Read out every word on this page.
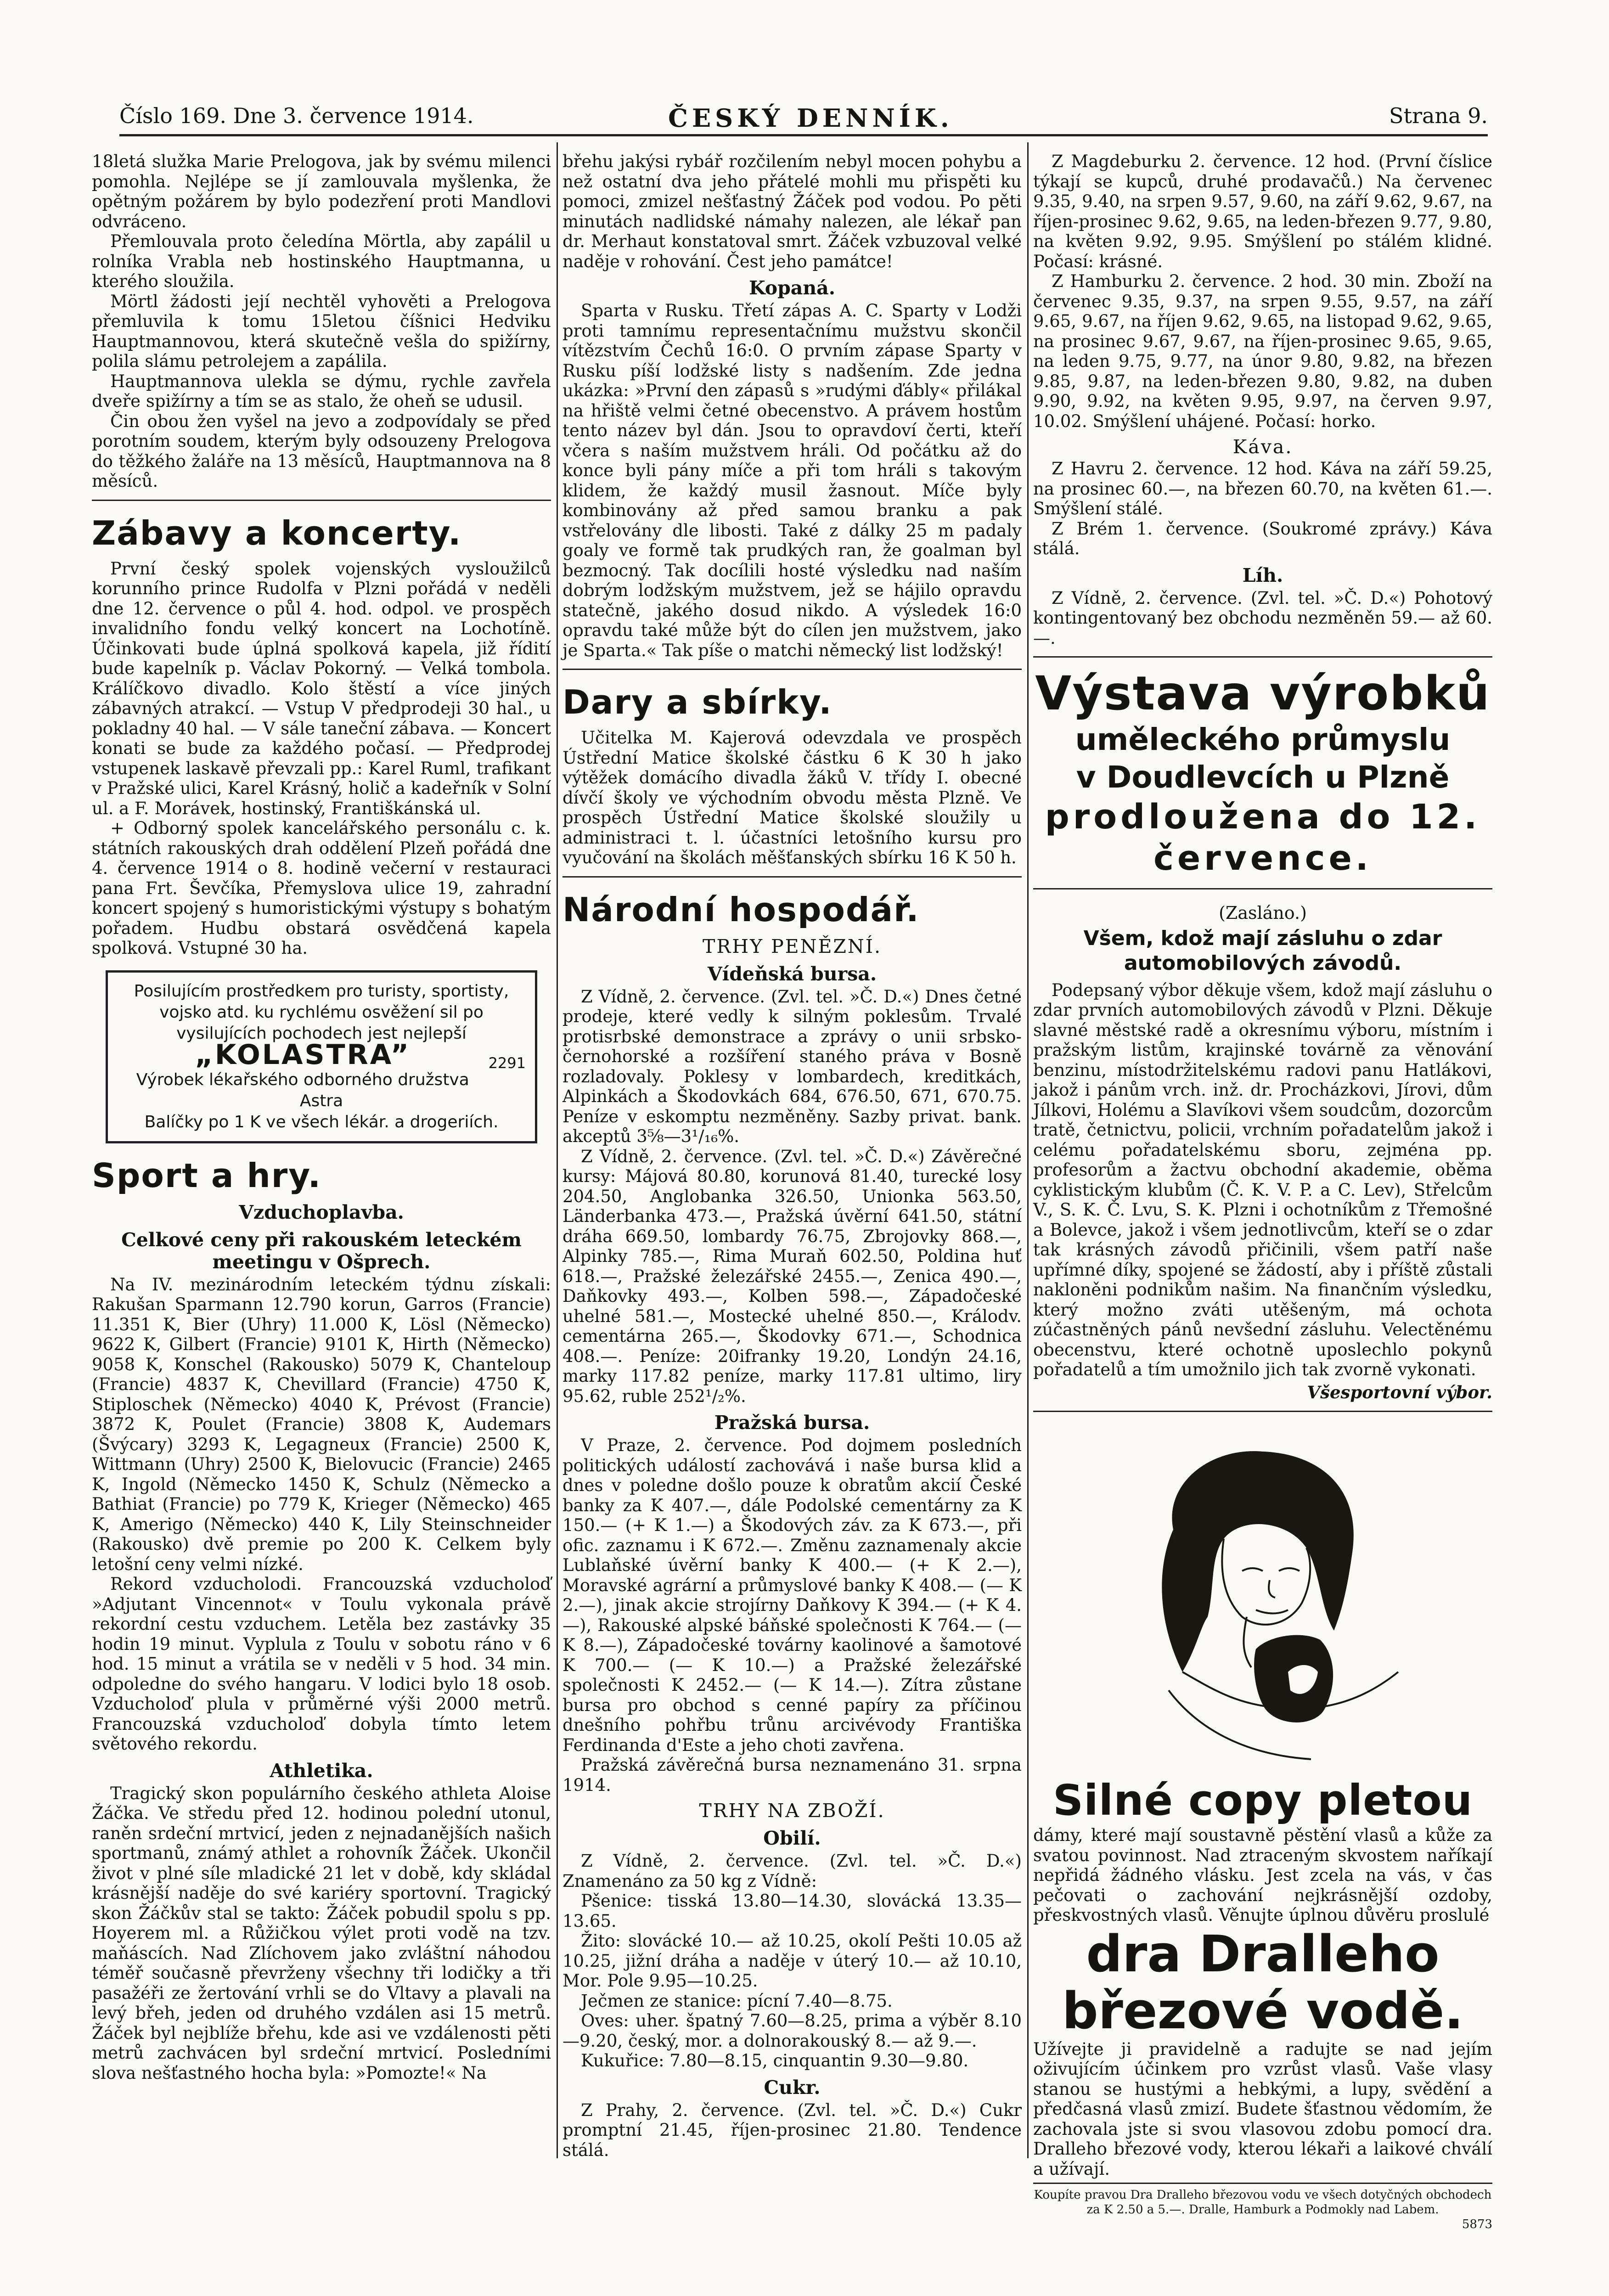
Číslo 169. Dne 3. července 1914.	ČESKÝ DENNÍK.	Strana 9.

18letá služka Marie Prelogova, jak by svému milenci pomohla. Nejlépe se jí zamlouvala myšlenka, že opětným požárem by bylo podezření proti Mandlovi odvráceno.

Přemlouvala proto čeledína Mörtla, aby zapálil u rolníka Vrabla neb hostinského Hauptmanna, u kterého sloužila.

Mörtl žádosti její nechtěl vyhověti a Prelogova přemluvila k tomu 15letou číšnici Hedviku Hauptmannovou, která skutečně vešla do spižírny, polila slámu petrolejem a zapálila.

Hauptmannova ulekla se dýmu, rychle zavřela dveře spižírny a tím se as stalo, že oheň se udusil.

Čin obou žen vyšel na jevo a zodpovídaly se před porotním soudem, kterým byly odsouzeny Prelogova do těžkého žaláře na 13 měsíců, Hauptmannova na 8 měsíců.

Zábavy a koncerty.

První český spolek vojenských vysloužilců korunního prince Rudolfa v Plzni pořádá v neděli dne 12. července o půl 4. hod. odpol. ve prospěch invalidního fondu velký koncert na Lochotíně. Účinkovati bude úplná spolková kapela, již řídití bude kapelník p. Václav Pokorný. — Velká tombola. Králíčkovo divadlo. Kolo štěstí a více jiných zábavných atrakcí. — Vstup V předprodeji 30 hal., u pokladny 40 hal. — V sále taneční zábava. — Koncert konati se bude za každého počasí. — Předprodej vstupenek laskavě převzali pp.: Karel Ruml, trafikant v Pražské ulici, Karel Krásný, holič a kadeřník v Solní ul. a F. Morávek, hostinský, Františkánská ul.

+ Odborný spolek kancelářského personálu c. k. státních rakouských drah oddělení Plzeň pořádá dne 4. července 1914 o 8. hodině večerní v restauraci pana Frt. Ševčíka, Přemyslova ulice 19, zahradní koncert spojený s humoristickými výstupy s bohatým pořadem. Hudbu obstará osvědčená kapela spolková. Vstupné 30 ha.

Posilujícím prostředkem pro turisty, sportisty, vojsko atd. ku rychlému osvěžení sil po vysilujících pochodech jest nejlepší
„KOLASTRA”	2291
Výrobek lékařského odborného družstva Astra
Balíčky po 1 K ve všech lékár. a drogeriích.
Sport a hry.
Vzduchoplavba.
Celkové ceny při rakouském leteckém meetingu v Ošprech.

Na IV. mezinárodním leteckém týdnu získali: Rakušan Sparmann 12.790 korun, Garros (Francie) 11.351 K, Bier (Uhry) 11.000 K, Lösl (Německo) 9622 K, Gilbert (Francie) 9101 K, Hirth (Německo) 9058 K, Konschel (Rakousko) 5079 K, Chanteloup (Francie) 4837 K, Chevillard (Francie) 4750 K, Stiploschek (Německo) 4040 K, Prévost (Francie) 3872 K, Poulet (Francie) 3808 K, Audemars (Švýcary) 3293 K, Legagneux (Francie) 2500 K, Wittmann (Uhry) 2500 K, Bielovucic (Francie) 2465 K, Ingold (Německo 1450 K, Schulz (Německo a Bathiat (Francie) po 779 K, Krieger (Německo) 465 K, Amerigo (Německo) 440 K, Lily Steinschneider (Rakousko) dvě premie po 200 K. Celkem byly letošní ceny velmi nízké.

Rekord vzducholodi. Francouzská vzducholoď »Adjutant Vincennot« v Toulu vykonala právě rekordní cestu vzduchem. Letěla bez zastávky 35 hodin 19 minut. Vyplula z Toulu v sobotu ráno v 6 hod. 15 minut a vrátila se v neděli v 5 hod. 34 min. odpoledne do svého hangaru. V lodici bylo 18 osob. Vzducholoď plula v průměrné výši 2000 metrů. Francouzská vzducholoď dobyla tímto letem světového rekordu.

Athletika.

Tragický skon populárního českého athleta Aloise Žáčka. Ve středu před 12. hodinou polední utonul, raněn srdeční mrtvicí, jeden z nejnadanějších našich sportmanů, známý athlet a rohovník Žáček. Ukončil život v plné síle mladické 21 let v době, kdy skládal krásnější naděje do své kariéry sportovní. Tragický skon Žáčkův stal se takto: Žáček pobudil spolu s pp. Hoyerem ml. a Růžičkou výlet proti vodě na tzv. maňáscích. Nad Zlíchovem jako zvláštní náhodou téměř současně převrženy všechny tři lodičky a tři pasažéři ze žertování vrhli se do Vltavy a plavali na levý břeh, jeden od druhého vzdálen asi 15 metrů. Žáček byl nejblíže břehu, kde asi ve vzdálenosti pěti metrů zachvácen byl srdeční mrtvicí. Posledními slova nešťastného hocha byla: »Pomozte!« Na

břehu jakýsi rybář rozčilením nebyl mocen pohybu a než ostatní dva jeho přátelé mohli mu přispěti ku pomoci, zmizel nešťastný Žáček pod vodou. Po pěti minutách nadlidské námahy nalezen, ale lékař pan dr. Merhaut konstatoval smrt. Žáček vzbuzoval velké naděje v rohování. Čest jeho památce!

Kopaná.

Sparta v Rusku. Třetí zápas A. C. Sparty v Lodži proti tamnímu representačnímu mužstvu skončil vítězstvím Čechů 16:0. O prvním zápase Sparty v Rusku píší lodžské listy s nadšením. Zde jedna ukázka: »První den zápasů s »rudými ďábly« přilákal na hřiště velmi četné obecenstvo. A právem hostům tento název byl dán. Jsou to opravdoví čerti, kteří včera s naším mužstvem hráli. Od počátku až do konce byli pány míče a při tom hráli s takovým klidem, že každý musil žasnout. Míče byly kombinovány až před samou branku a pak vstřelovány dle libosti. Také z dálky 25 m padaly goaly ve formě tak prudkých ran, že goalman byl bezmocný. Tak docílili hosté výsledku nad naším dobrým lodžským mužstvem, jež se hájilo opravdu statečně, jakého dosud nikdo. A výsledek 16:0 opravdu také může být do cílen jen mužstvem, jako je Sparta.« Tak píše o matchi německý list lodžský!

Dary a sbírky.

Učitelka M. Kajerová odevzdala ve prospěch Ústřední Matice školské částku 6 K 30 h jako výtěžek domácího divadla žáků V. třídy I. obecné dívčí školy ve východním obvodu města Plzně. Ve prospěch Ústřední Matice školské sloužily u administraci t. l. účastníci letošního kursu pro vyučování na školách měšťanských sbírku 16 K 50 h.

Národní hospodář.
TRHY PENĚZNÍ.
Vídeňská bursa.

Z Vídně, 2. července. (Zvl. tel. »Č. D.«) Dnes četné prodeje, které vedly k silným poklesům. Trvalé protisrbské demonstrace a zprávy o unii srbsko-černohorské a rozšíření staného práva v Bosně rozladovaly. Poklesy v lombardech, kreditkách, Alpinkách a Škodovkách 684, 676.50, 671, 670.75. Peníze v eskomptu nezměněny. Sazby privat. bank. akceptů 3⅝—3¹/₁₆%.

Z Vídně, 2. července. (Zvl. tel. »Č. D.«) Závěrečné kursy: Májová 80.80, korunová 81.40, turecké losy 204.50, Anglobanka 326.50, Unionka 563.50, Länderbanka 473.—, Pražská úvěrní 641.50, státní dráha 669.50, lombardy 76.75, Zbrojovky 868.—, Alpinky 785.—, Rima Muraň 602.50, Poldina huť 618.—, Pražské železářské 2455.—, Zenica 490.—, Daňkovky 493.—, Kolben 598.—, Západočeské uhelné 581.—, Mostecké uhelné 850.—, Králodv. cementárna 265.—, Škodovky 671.—, Schodnica 408.—. Peníze: 20ifranky 19.20, Londýn 24.16, marky 117.82 peníze, marky 117.81 ultimo, liry 95.62, ruble 252¹/₂%.

Pražská bursa.

V Praze, 2. července. Pod dojmem posledních politických událostí zachovává i naše bursa klid a dnes v poledne došlo pouze k obratům akcií České banky za K 407.—, dále Podolské cementárny za K 150.— (+ K 1.—) a Škodových záv. za K 673.—, při ofic. zaznamu i K 672.—. Změnu zaznamenaly akcie Lublaňské úvěrní banky K 400.— (+ K 2.—), Moravské agrární a průmyslové banky K 408.— (— K 2.—), jinak akcie strojírny Daňkovy K 394.— (+ K 4.—), Rakouské alpské báňské společnosti K 764.— (— K 8.—), Západočeské továrny kaolinové a šamotové K 700.— (— K 10.—) a Pražské železářské společnosti K 2452.— (— K 14.—). Zítra zůstane bursa pro obchod s cenné papíry za příčinou dnešního pohřbu trůnu arcivévody Františka Ferdinanda d'Este a jeho choti zavřena.

Pražská závěrečná bursa neznamenáno 31. srpna 1914.

TRHY NA ZBOŽÍ.
Obilí.

Z Vídně, 2. července. (Zvl. tel. »Č. D.«) Znamenáno za 50 kg z Vídně:

Pšenice: tisská 13.80—14.30, slovácká 13.35—13.65.

Žito: slovácké 10.— až 10.25, okolí Pešti 10.05 až 10.25, jižní dráha a naděje v úterý 10.— až 10.10, Mor. Pole 9.95—10.25.

Ječmen ze stanice: pícní 7.40—8.75.

Oves: uher. špatný 7.60—8.25, prima a výběr 8.10—9.20, český, mor. a dolnorakouský 8.— až 9.—.

Kukuřice: 7.80—8.15, cinquantin 9.30—9.80.

Cukr.

Z Prahy, 2. července. (Zvl. tel. »Č. D.«) Cukr promptní 21.45, říjen-prosinec 21.80. Tendence stálá.

Z Magdeburku 2. července. 12 hod. (První číslice týkají se kupců, druhé prodavačů.) Na červenec 9.35, 9.40, na srpen 9.57, 9.60, na září 9.62, 9.67, na říjen-prosinec 9.62, 9.65, na leden-březen 9.77, 9.80, na květen 9.92, 9.95. Smýšlení po stálém klidné. Počasí: krásné.

Z Hamburku 2. července. 2 hod. 30 min. Zboží na červenec 9.35, 9.37, na srpen 9.55, 9.57, na září 9.65, 9.67, na říjen 9.62, 9.65, na listopad 9.62, 9.65, na prosinec 9.67, 9.67, na říjen-prosinec 9.65, 9.65, na leden 9.75, 9.77, na únor 9.80, 9.82, na březen 9.85, 9.87, na leden-březen 9.80, 9.82, na duben 9.90, 9.92, na květen 9.95, 9.97, na červen 9.97, 10.02. Smýšlení uhájené. Počasí: horko.

Káva.

Z Havru 2. července. 12 hod. Káva na září 59.25, na prosinec 60.—, na březen 60.70, na květen 61.—. Smýšlení stálé.

Z Brém 1. července. (Soukromé zprávy.) Káva stálá.

Líh.

Z Vídně, 2. července. (Zvl. tel. »Č. D.«) Pohotový kontingentovaný bez obchodu nezměněn 59.— až 60.—.

Výstava výrobků
uměleckého průmyslu
v Doudlevcích u Plzně
prodloužena do 12.
července.
(Zasláno.)
Všem, kdož mají zásluhu o zdar automobilových závodů.

Podepsaný výbor děkuje všem, kdož mají zásluhu o zdar prvních automobilových závodů v Plzni. Děkuje slavné městské radě a okresnímu výboru, místním i pražským listům, krajinské továrně za věnování benzinu, místodržitelskému radovi panu Hatlákovi, jakož i pánům vrch. inž. dr. Procházkovi, Jírovi, dům Jílkovi, Holému a Slavíkovi všem soudcům, dozorcům tratě, četnictvu, policii, vrchním pořadatelům jakož i celému pořadatelskému sboru, zejména pp. profesorům a žactvu obchodní akademie, oběma cyklistickým klubům (Č. K. V. P. a C. Lev), Střelcům V., S. K. Č. Lvu, S. K. Plzni i ochotníkům z Třemošné a Bolevce, jakož i všem jednotlivcům, kteří se o zdar tak krásných závodů přičinili, všem patří naše upřímné díky, spojené se žádostí, aby i příště zůstali nakloněni podnikům našim. Na finančním výsledku, který možno zváti utěšeným, má ochota zúčastněných pánů nevšední zásluhu. Velectěnému obecenstvu, které ochotně uposlechlo pokynů pořadatelů a tím umožnilo jich tak zvorně vykonati.

Všesportovní výbor.
Silné copy pletou

dámy, které mají soustavně pěstění vlasů a kůže za svatou povinnost. Nad ztraceným skvostem naříkají nepřidá žádného vlásku. Jest zcela na vás, v čas pečovati o zachování nejkrásnější ozdoby, přeskvostných vlasů. Věnujte úplnou důvěru proslulé

dra Dralleho
březové vodě.

Užívejte ji pravidelně a radujte se nad jejím oživujícím účinkem pro vzrůst vlasů. Vaše vlasy stanou se hustými a hebkými, a lupy, svědění a předčasná vlasů zmizí. Budete šťastnou vědomím, že zachovala jste si svou vlasovou zdobu pomocí dra. Dralleho březové vody, kterou lékaři a laikové chválí a užívají.

Koupíte pravou Dra Dralleho březovou vodu ve všech dotyčných obchodech za K 2.50 a 5.—. Dralle, Hamburk a Podmokly nad Labem.
5873
